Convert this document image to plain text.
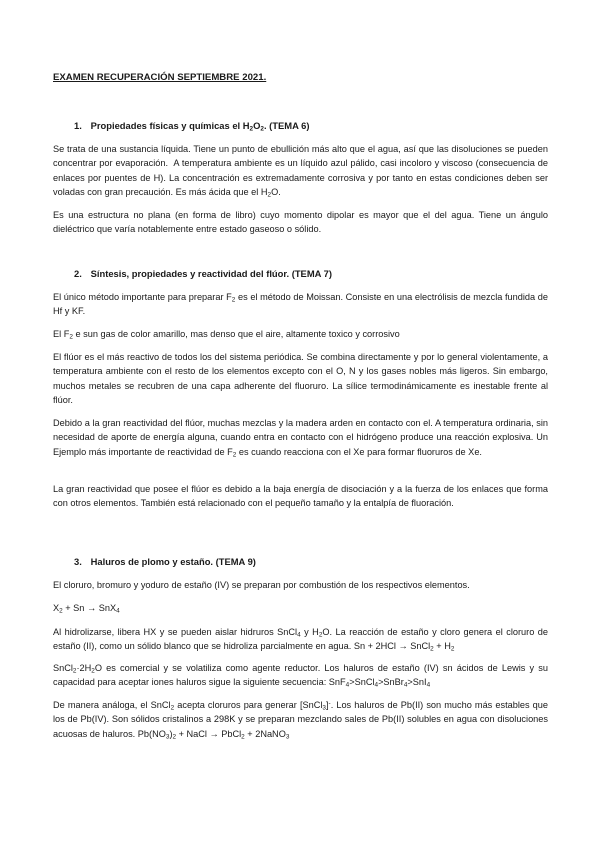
EXAMEN RECUPERACIÓN SEPTIEMBRE 2021.

1. Propiedades físicas y químicas el $H_2O_2$. (TEMA 6)

Se trata de una sustancia líquida. Tiene un punto de ebullición más alto que el agua, así que las disoluciones se pueden concentrar por evaporación.  A temperatura ambiente es un líquido azul pálido, casi incoloro y viscoso (consecuencia de enlaces por puentes de H). La concentración es extremadamente corrosiva y por tanto en estas condiciones deben ser voladas con gran precaución. Es más ácida que el $H_2O$.

Es una estructura no plana (en forma de libro) cuyo momento dipolar es mayor que el del agua. Tiene un ángulo dieléctrico que varía notablemente entre estado gaseoso o sólido.

2. Síntesis, propiedades y reactividad del flúor. (TEMA 7)

El único método importante para preparar $F_2$ es el método de Moissan. Consiste en una electrólisis de mezcla fundida de Hf y KF.

El $F_2$ e sun gas de color amarillo, mas denso que el aire, altamente toxico y corrosivo

El flúor es el más reactivo de todos los del sistema periódica. Se combina directamente y por lo general violentamente, a temperatura ambiente con el resto de los elementos excepto con el O, N y los gases nobles más ligeros. Sin embargo, muchos metales se recubren de una capa adherente del fluoruro. La sílice termodinámicamente es inestable frente al flúor.

Debido a la gran reactividad del flúor, muchas mezclas y la madera arden en contacto con el. A temperatura ordinaria, sin necesidad de aporte de energía alguna, cuando entra en contacto con el hidrógeno produce una reacción explosiva. Un Ejemplo más importante de reactividad de $F_2$ es cuando reacciona con el Xe para formar fluoruros de Xe.

La gran reactividad que posee el flúor es debido a la baja energía de disociación y a la fuerza de los enlaces que forma con otros elementos. También está relacionado con el pequeño tamaño y la entalpía de fluoración.

3. Haluros de plomo y estaño. (TEMA 9)

El cloruro, bromuro y yoduro de estaño (IV) se preparan por combustión de los respectivos elementos.

$X_2 + Sn \to SnX_4$

Al hidrolizarse, libera HX y se pueden aislar hidruros SnCl$_4$ y $H_2O$. La reacción de estaño y cloro genera el cloruro de estaño (II), como un sólido blanco que se hidroliza parcialmente en agua. Sn + 2HCl → SnCl$_2$ + $H_2$

$SnCl_2\cdot 2H_2O$ es comercial y se volatiliza como agente reductor. Los haluros de estaño (IV) sn ácidos de Lewis y su capacidad para aceptar iones haluros sigue la siguiente secuencia: SnF$_4$>SnCl$_4$>SnBr$_4$>SnI$_4$

De manera análoga, el SnCl$_2$ acepta cloruros para generar [SnCl$_3$]-. Los haluros de Pb(II) son mucho más estables que los de Pb(IV). Son sólidos cristalinos a 298K y se preparan mezclando sales de Pb(II) solubles en agua con disoluciones acuosas de haluros. $Pb(NO_3)_2$ + NaCl → PbCl$_2$ + 2NaNO$_3$
